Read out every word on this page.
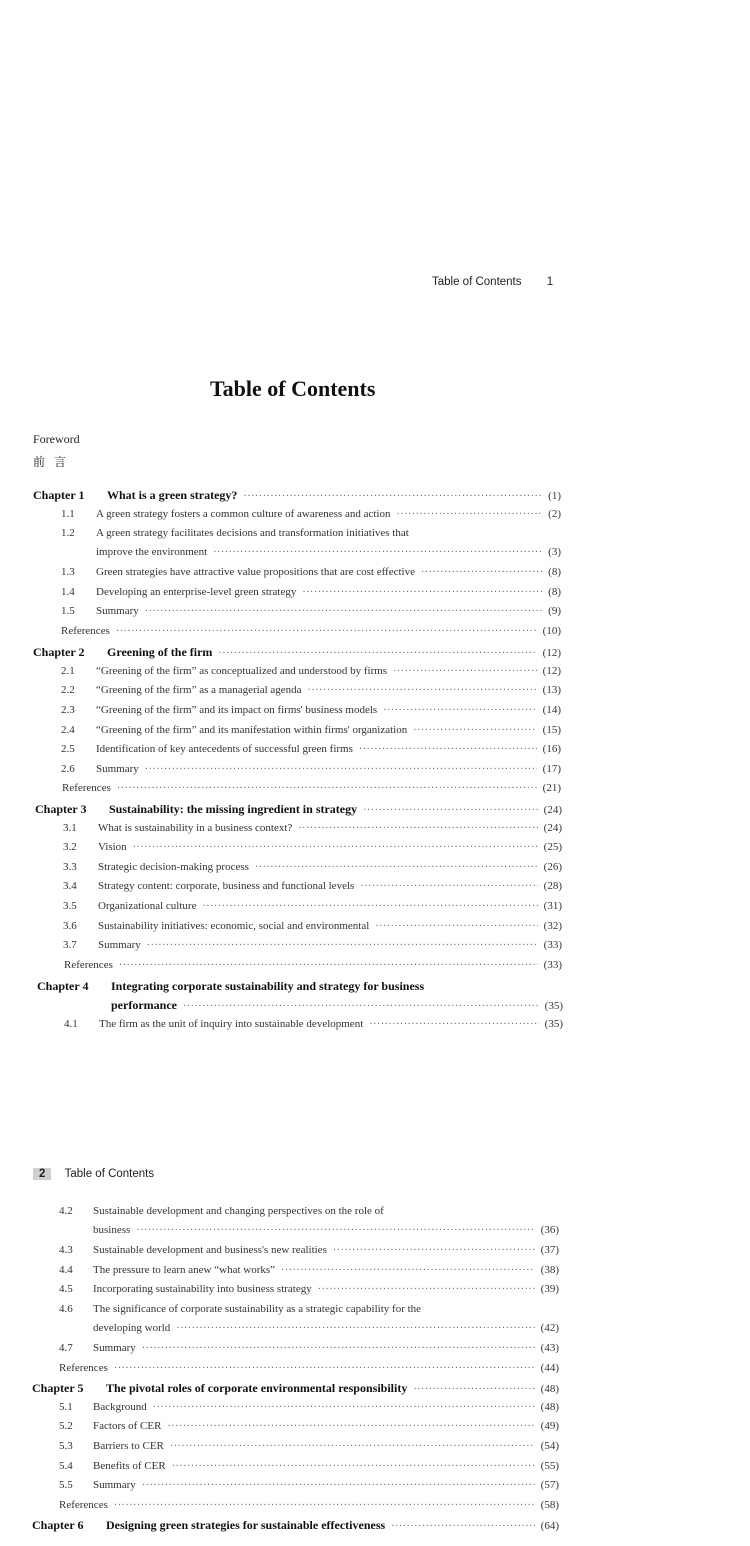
Table of Contents 1
Table of Contents
Foreword
前   言
Chapter 1	What is a green strategy? ·····	(1)
1.1	A green strategy fosters a common culture of awareness and action ·····	(2)
1.2	A green strategy facilitates decisions and transformation initiatives that
improve the environment ·····	(3)
1.3	Green strategies have attractive value propositions that are cost effective ·····	(8)
1.4	Developing an enterprise-level green strategy ·····	(8)
1.5	Summary ·····	(9)
References ·····	(10)
Chapter 2	Greening of the firm ·····	(12)
2.1	“Greening of the firm” as conceptualized and understood by firms ·····	(12)
2.2	“Greening of the firm” as a managerial agenda ·····	(13)
2.3	“Greening of the firm” and its impact on firms' business models ·····	(14)
2.4	“Greening of the firm” and its manifestation within firms' organization ·····	(15)
2.5	Identification of key antecedents of successful green firms ·····	(16)
2.6	Summary ·····	(17)
References ·····	(21)
Chapter 3	Sustainability: the missing ingredient in strategy ·····	(24)
3.1	What is sustainability in a business context? ·····	(24)
3.2	Vision ·····	(25)
3.3	Strategic decision-making process ·····	(26)
3.4	Strategy content: corporate, business and functional levels ·····	(28)
3.5	Organizational culture ·····	(31)
3.6	Sustainability initiatives: economic, social and environmental ·····	(32)
3.7	Summary ·····	(33)
References ·····	(33)
Chapter 4	Integrating corporate sustainability and strategy for business
performance ·····	(35)
4.1	The firm as the unit of inquiry into sustainable development ·····	(35)
2 Table of Contents
4.2	Sustainable development and changing perspectives on the role of
business ·····	(36)
4.3	Sustainable development and business's new realities ·····	(37)
4.4	The pressure to learn anew “what works” ·····	(38)
4.5	Incorporating sustainability into business strategy ·····	(39)
4.6	The significance of corporate sustainability as a strategic capability for the
developing world ·····	(42)
4.7	Summary ·····	(43)
References ·····	(44)
Chapter 5	The pivotal roles of corporate environmental responsibility ·····	(48)
5.1	Background ·····	(48)
5.2	Factors of CER ·····	(49)
5.3	Barriers to CER ·····	(54)
5.4	Benefits of CER ·····	(55)
5.5	Summary ·····	(57)
References ·····	(58)
Chapter 6	Designing green strategies for sustainable effectiveness ·····	(64)
